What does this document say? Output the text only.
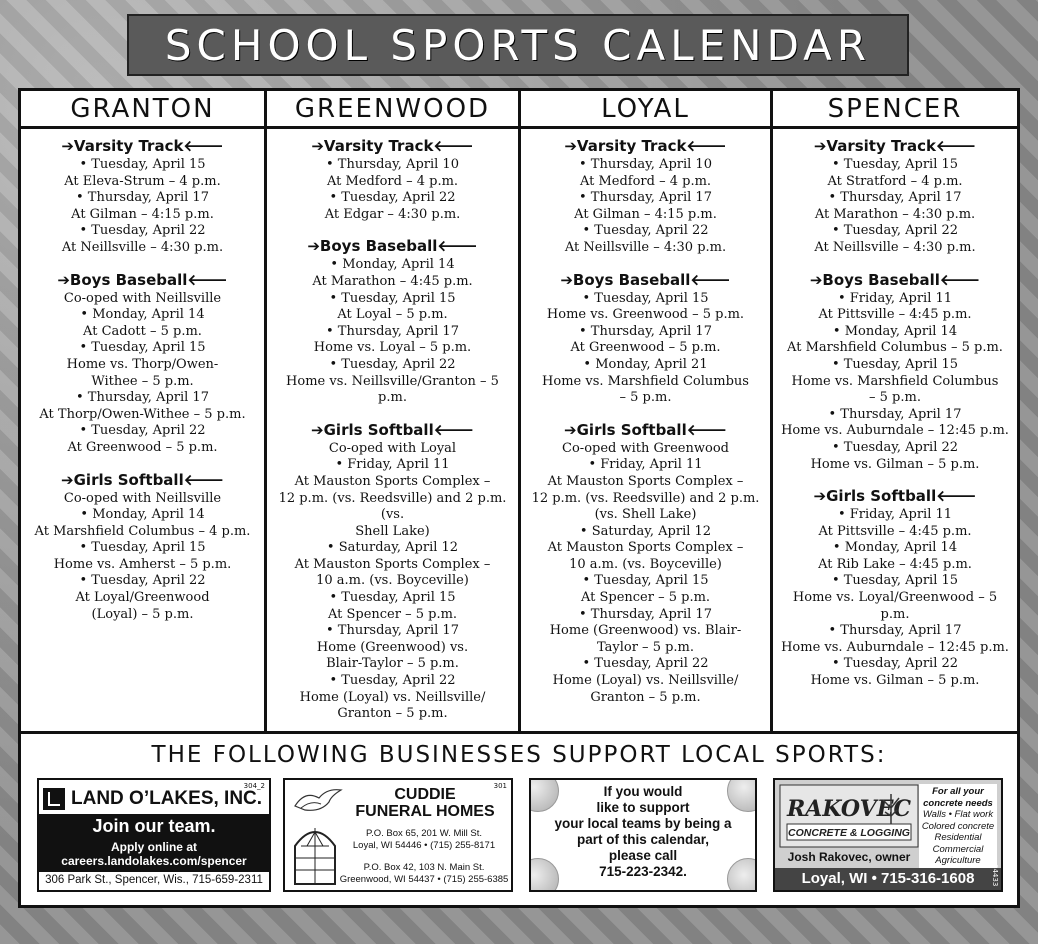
SCHOOL SPORTS CALENDAR
GRANTON
➔Varsity Track🡐
• Tuesday, April 15
At Eleva-Strum – 4 p.m.
• Thursday, April 17
At Gilman – 4:15 p.m.
• Tuesday, April 22
At Neillsville – 4:30 p.m.
➔Boys Baseball🡐
Co-oped with Neillsville
• Monday, April 14
At Cadott – 5 p.m.
• Tuesday, April 15
Home vs. Thorp/Owen-
Withee – 5 p.m.
• Thursday, April 17
At Thorp/Owen-Withee – 5 p.m.
• Tuesday, April 22
At Greenwood – 5 p.m.
➔Girls Softball🡐
Co-oped with Neillsville
• Monday, April 14
At Marshfield Columbus – 4 p.m.
• Tuesday, April 15
Home vs. Amherst – 5 p.m.
• Tuesday, April 22
At Loyal/Greenwood
(Loyal) – 5 p.m.
GREENWOOD
➔Varsity Track🡐
• Thursday, April 10
At Medford – 4 p.m.
• Tuesday, April 22
At Edgar – 4:30 p.m.
➔Boys Baseball🡐
• Monday, April 14
At Marathon – 4:45 p.m.
• Tuesday, April 15
At Loyal – 5 p.m.
• Thursday, April 17
Home vs. Loyal – 5 p.m.
• Tuesday, April 22
Home vs. Neillsville/Granton – 5 p.m.
➔Girls Softball🡐
Co-oped with Loyal
• Friday, April 11
At Mauston Sports Complex –
12 p.m. (vs. Reedsville) and 2 p.m. (vs.
Shell Lake)
• Saturday, April 12
At Mauston Sports Complex –
10 a.m. (vs. Boyceville)
• Tuesday, April 15
At Spencer – 5 p.m.
• Thursday, April 17
Home (Greenwood) vs.
Blair-Taylor – 5 p.m.
• Tuesday, April 22
Home (Loyal) vs. Neillsville/
Granton – 5 p.m.
LOYAL
➔Varsity Track🡐
• Thursday, April 10
At Medford – 4 p.m.
• Thursday, April 17
At Gilman – 4:15 p.m.
• Tuesday, April 22
At Neillsville – 4:30 p.m.
➔Boys Baseball🡐
• Tuesday, April 15
Home vs. Greenwood – 5 p.m.
• Thursday, April 17
At Greenwood – 5 p.m.
• Monday, April 21
Home vs. Marshfield Columbus
– 5 p.m.
➔Girls Softball🡐
Co-oped with Greenwood
• Friday, April 11
At Mauston Sports Complex –
12 p.m. (vs. Reedsville) and 2 p.m.
(vs. Shell Lake)
• Saturday, April 12
At Mauston Sports Complex –
10 a.m. (vs. Boyceville)
• Tuesday, April 15
At Spencer – 5 p.m.
• Thursday, April 17
Home (Greenwood) vs. Blair-
Taylor – 5 p.m.
• Tuesday, April 22
Home (Loyal) vs. Neillsville/
Granton – 5 p.m.
SPENCER
➔Varsity Track🡐
• Tuesday, April 15
At Stratford – 4 p.m.
• Thursday, April 17
At Marathon – 4:30 p.m.
• Tuesday, April 22
At Neillsville – 4:30 p.m.
➔Boys Baseball🡐
• Friday, April 11
At Pittsville – 4:45 p.m.
• Monday, April 14
At Marshfield Columbus – 5 p.m.
• Tuesday, April 15
Home vs. Marshfield Columbus
– 5 p.m.
• Thursday, April 17
Home vs. Auburndale – 12:45 p.m.
• Tuesday, April 22
Home vs. Gilman – 5 p.m.
➔Girls Softball🡐
• Friday, April 11
At Pittsville – 4:45 p.m.
• Monday, April 14
At Rib Lake – 4:45 p.m.
• Tuesday, April 15
Home vs. Loyal/Greenwood – 5 p.m.
• Thursday, April 17
Home vs. Auburndale – 12:45 p.m.
• Tuesday, April 22
Home vs. Gilman – 5 p.m.
THE FOLLOWING BUSINESSES SUPPORT LOCAL SPORTS:
304_2
LAND O’LAKES, INC.
Join our team.
Apply online at
careers.landolakes.com/spencer
306 Park St., Spencer, Wis., 715-659-2311
301
CUDDIE
FUNERAL HOMES
P.O. Box 65, 201 W. Mill St.
Loyal, WI 54446 • (715) 255-8171
P.O. Box 42, 103 N. Main St.
Greenwood, WI 54437 • (715) 255-6385
If you would
like to support
your local teams by being a
part of this calendar,
please call
715-223-2342.
RAKOVEC
CONCRETE & LOGGING
Josh Rakovec, owner
For all your
concrete needs
Walls • Flat work
Colored concrete
Residential
Commercial
Agriculture
Loyal, WI • 715-316-1608	64433
